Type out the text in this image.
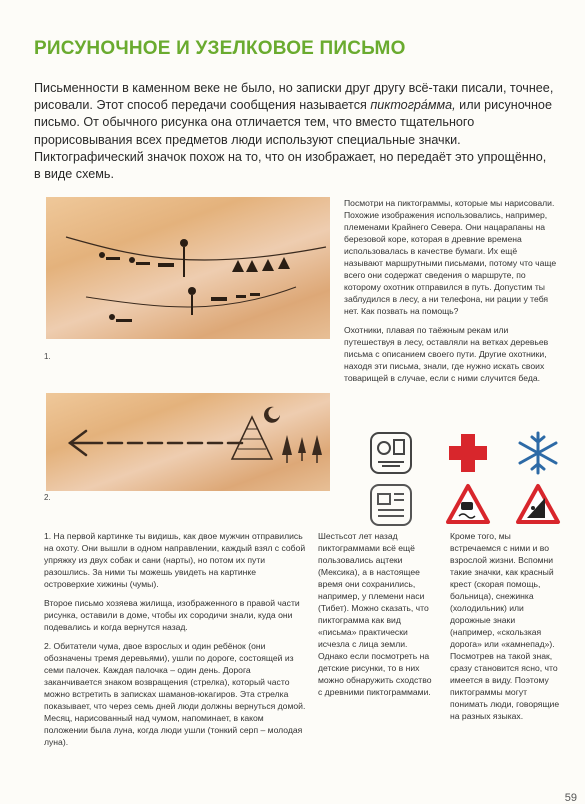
РИСУНОЧНОЕ И УЗЕЛКОВОЕ ПИСЬМО
Письменности в каменном веке не было, но записки друг другу всё-таки писали, точнее, рисовали. Этот способ передачи сообщения называется пиктогра́мма, или рисуночное письмо. От обычного рисунка она отличается тем, что вместо тщательного прорисовывания всех предметов люди используют специальные значки. Пиктографический значок похож на то, что он изображает, но передаёт это упрощённо, в виде схемь.
1.
2.

Посмотри на пиктограммы, которые мы нарисовали. Похожие изображения использовались, например, племенами Крайнего Севера. Они нацарапаны на березовой коре, которая в древние времена использовалась в качестве бумаги. Их ещё называют маршрутными письмами, потому что чаще всего они содержат сведения о маршруте, по которому охотник отправился в путь. Допустим ты заблудился в лесу, а ни телефона, ни рации у тебя нет. Как позвать на помощь?

Охотники, плавая по таёжным рекам или путешествуя в лесу, оставляли на ветках деревьев письма с описанием своего пути. Другие охотники, находя эти письма, знали, где нужно искать своих товарищей в случае, если с ними случится беда.

1. На первой картинке ты видишь, как двое мужчин отправились на охоту. Они вышли в одном направлении, каждый взял с собой упряжку из двух собак и сани (нарты), но потом их пути разошлись. За ними ты можешь увидеть на картинке островерхие хижины (чумы).

Второе письмо хозяева жилища, изображенного в правой части рисунка, оставили в доме, чтобы их сородичи знали, куда они подевались и когда вернутся назад.

2. Обитатели чума, двое взрослых и один ребёнок (они обозначены тремя деревьями), ушли по дороге, состоящей из семи палочек. Каждая палочка – один день. Дорога заканчивается знаком возвращения (стрелка), который часто можно встретить в записках шаманов-юкагиров. Эта стрелка показывает, что через семь дней люди должны вернуться домой. Месяц, нарисованный над чумом, напоминает, в каком положении была луна, когда люди ушли (тонкий серп – молодая луна).

Шестьсот лет назад пиктограммами всё ещё пользовались ацтеки (Мексика), а в настоящее время они сохранились, например, у племени наси (Тибет). Можно сказать, что пиктограмма как вид «письма» практически исчезла с лица земли. Однако если посмотреть на детские рисунки, то в них можно обнаружить сходство с древними пиктограммами.

Кроме того, мы встречаемся с ними и во взрослой жизни. Вспомни такие значки, как красный крест (скорая помощь, больница), снежинка (холодильник) или дорожные знаки (например, «скользкая дорога» или «камнепад»). Посмотрев на такой знак, сразу становится ясно, что имеется в виду. Поэтому пиктограммы могут понимать люди, говорящие на разных языках.

59
